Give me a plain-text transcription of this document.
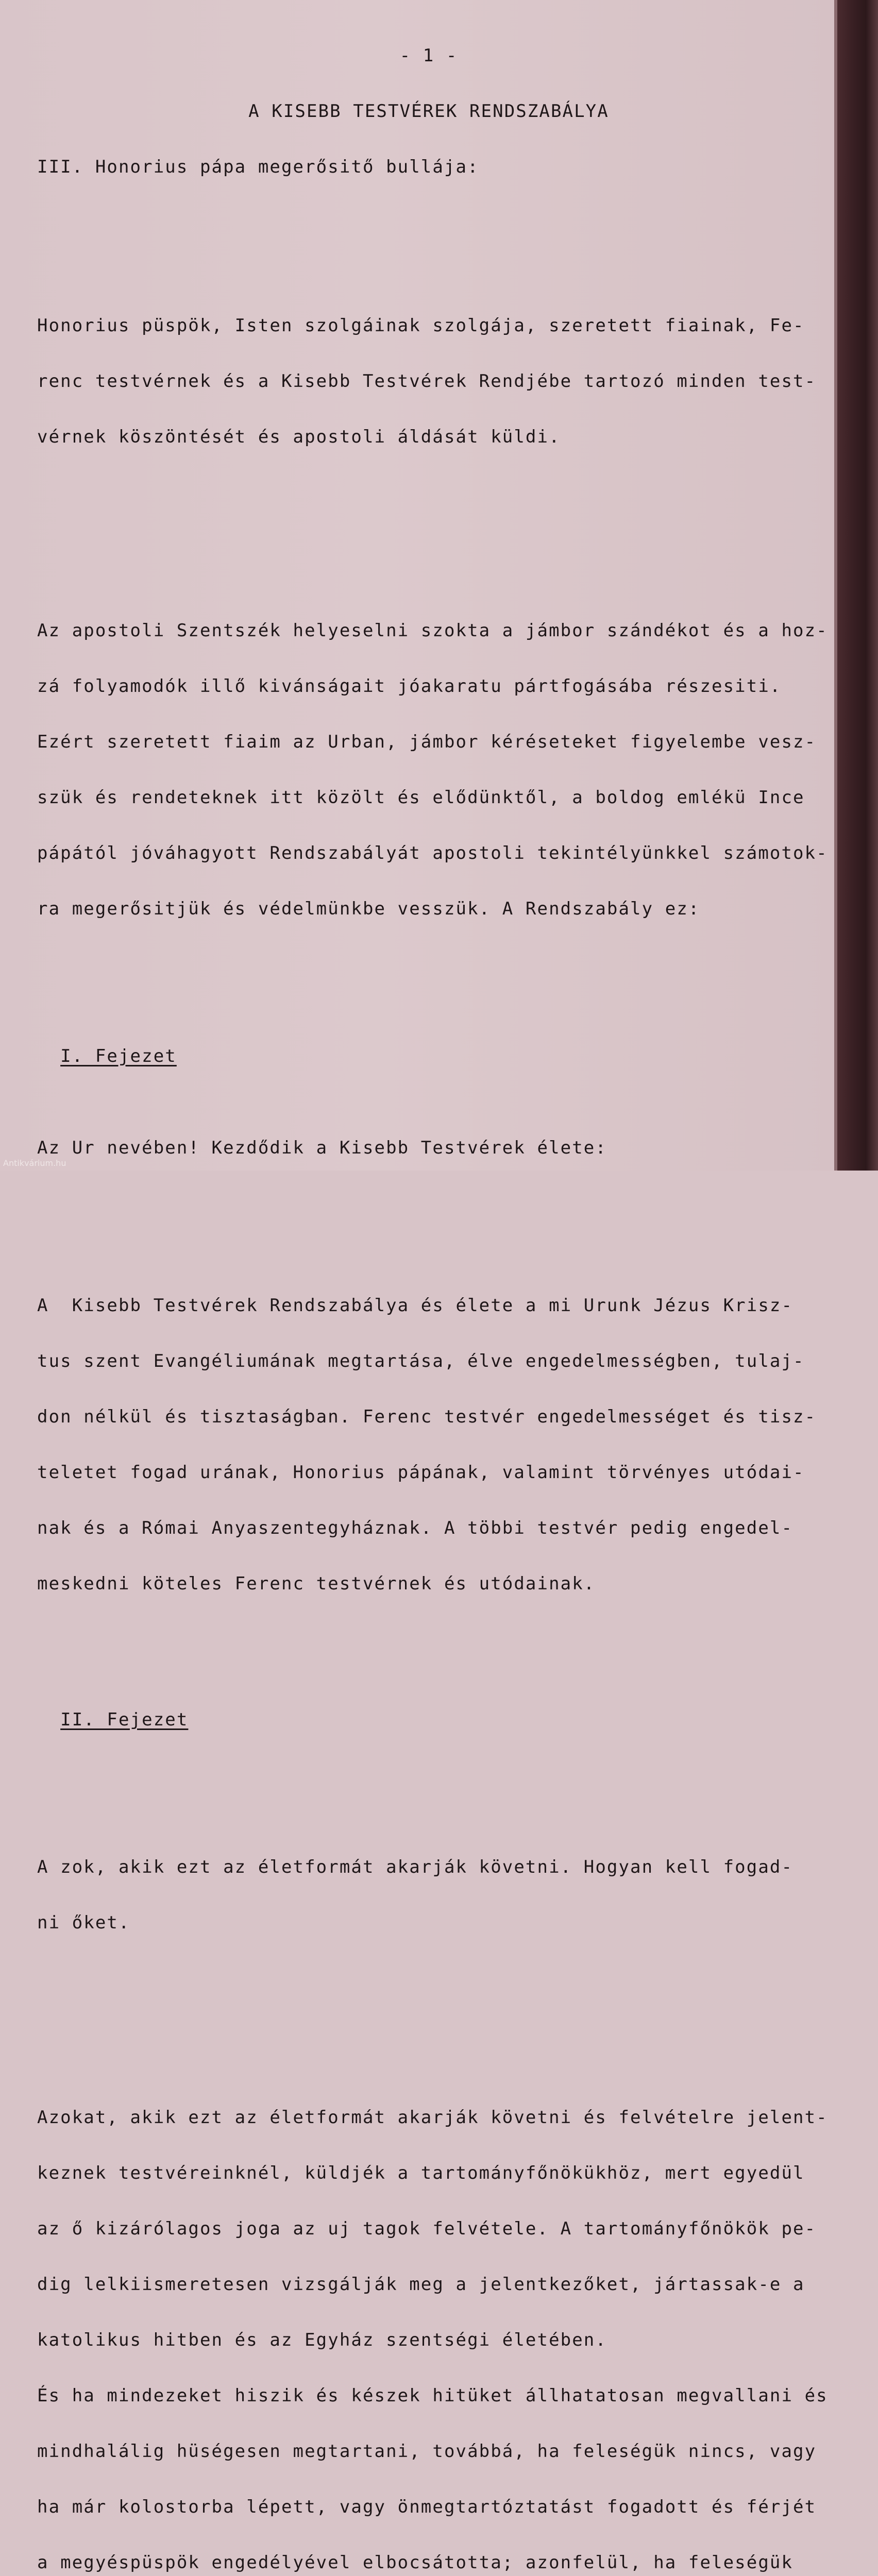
- 1 -

A KISEBB TESTVÉREK RENDSZABÁLYA

III. Honorius pápa megerősitő bullája:

Honorius püspök, Isten szolgáinak szolgája, szeretett fiainak, Fe-

renc testvérnek és a Kisebb Testvérek Rendjébe tartozó minden test-

vérnek köszöntését és apostoli áldását küldi.

Az apostoli Szentszék helyeselni szokta a jámbor szándékot és a hoz-

zá folyamodók illő kivánságait jóakaratu pártfogásába részesiti.

Ezért szeretett fiaim az Urban, jámbor kéréseteket figyelembe vesz-

szük és rendeteknek itt közölt és elődünktől, a boldog emlékü Ince

pápától jóváhagyott Rendszabályát apostoli tekintélyünkkel számotok-

ra megerősitjük és védelmünkbe vesszük. A Rendszabály ez:

I. Fejezet

Az Ur nevében! Kezdődik a Kisebb Testvérek élete:

A  Kisebb Testvérek Rendszabálya és élete a mi Urunk Jézus Krisz-

tus szent Evangéliumának megtartása, élve engedelmességben, tulaj-

don nélkül és tisztaságban. Ferenc testvér engedelmességet és tisz-

teletet fogad urának, Honorius pápának, valamint törvényes utódai-

nak és a Római Anyaszentegyháznak. A többi testvér pedig engedel-

meskedni köteles Ferenc testvérnek és utódainak.

II. Fejezet

A zok, akik ezt az életformát akarják követni. Hogyan kell fogad-

ni őket.

Azokat, akik ezt az életformát akarják követni és felvételre jelent-

keznek testvéreinknél, küldjék a tartományfőnökükhöz, mert egyedül

az ő kizárólagos joga az uj tagok felvétele. A tartományfőnökök pe-

dig lelkiismeretesen vizsgálják meg a jelentkezőket, jártassak-e a

katolikus hitben és az Egyház szentségi életében.

És ha mindezeket hiszik és készek hitüket állhatatosan megvallani és

mindhalálig hüségesen megtartani, továbbá, ha feleségük nincs, vagy

ha már kolostorba lépett, vagy önmegtartóztatást fogadott és férjét

a megyéspüspök engedélyével elbocsátotta; azonfelül, ha feleségük

Antikvárium.hu
